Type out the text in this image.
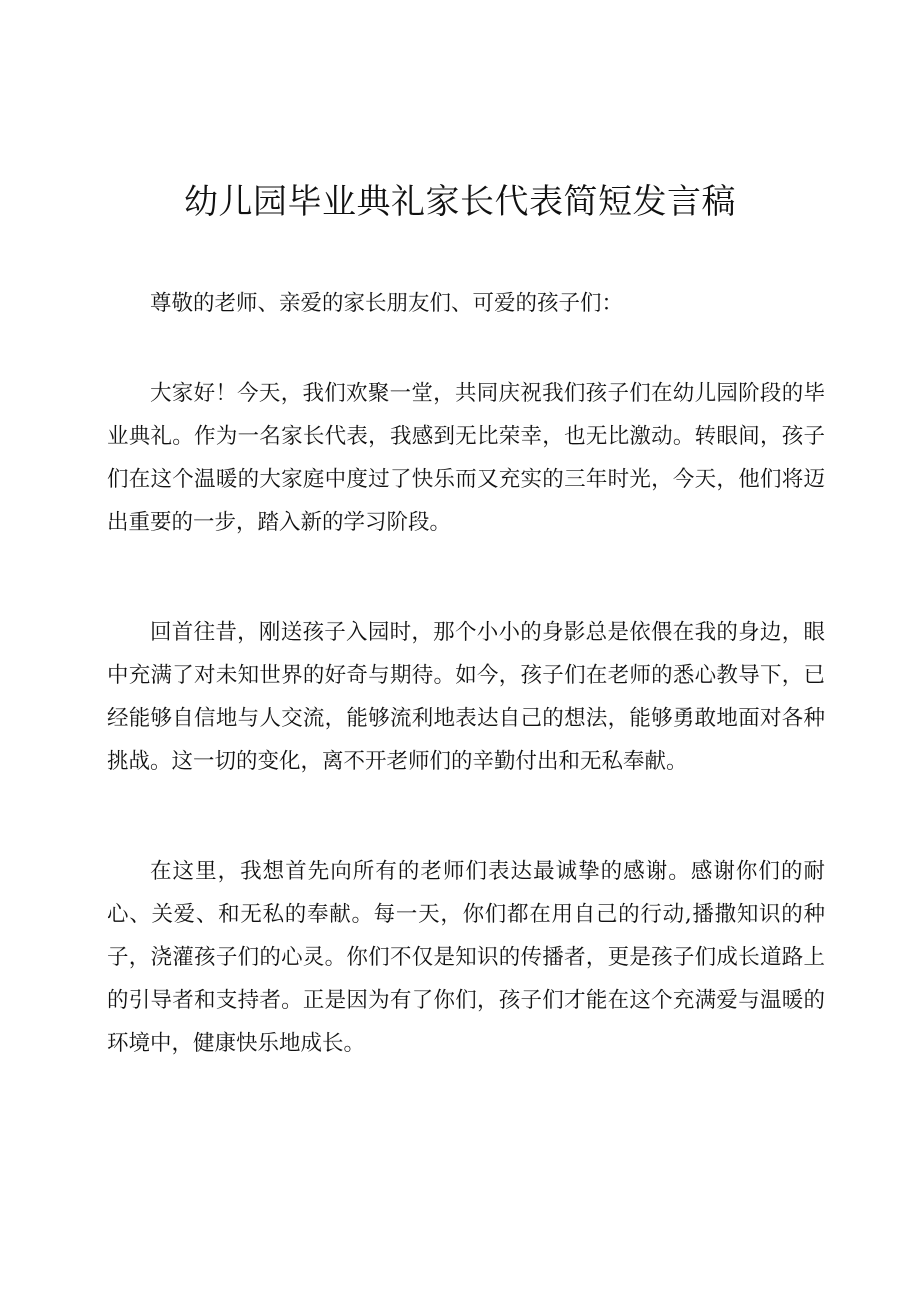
幼儿园毕业典礼家长代表简短发言稿

尊敬的老师、亲爱的家长朋友们、可爱的孩子们：

大家好！今天，我们欢聚一堂，共同庆祝我们孩子们在幼儿园阶段的毕业典礼。作为一名家长代表，我感到无比荣幸，也无比激动。转眼间，孩子们在这个温暖的大家庭中度过了快乐而又充实的三年时光，今天，他们将迈出重要的一步，踏入新的学习阶段。

回首往昔，刚送孩子入园时，那个小小的身影总是依偎在我的身边，眼中充满了对未知世界的好奇与期待。如今，孩子们在老师的悉心教导下，已经能够自信地与人交流，能够流利地表达自己的想法，能够勇敢地面对各种挑战。这一切的变化，离不开老师们的辛勤付出和无私奉献。

在这里，我想首先向所有的老师们表达最诚挚的感谢。感谢你们的耐心、关爱、和无私的奉献。每一天，你们都在用自己的行动,播撒知识的种子，浇灌孩子们的心灵。你们不仅是知识的传播者，更是孩子们成长道路上的引导者和支持者。正是因为有了你们，孩子们才能在这个充满爱与温暖的环境中，健康快乐地成长。
